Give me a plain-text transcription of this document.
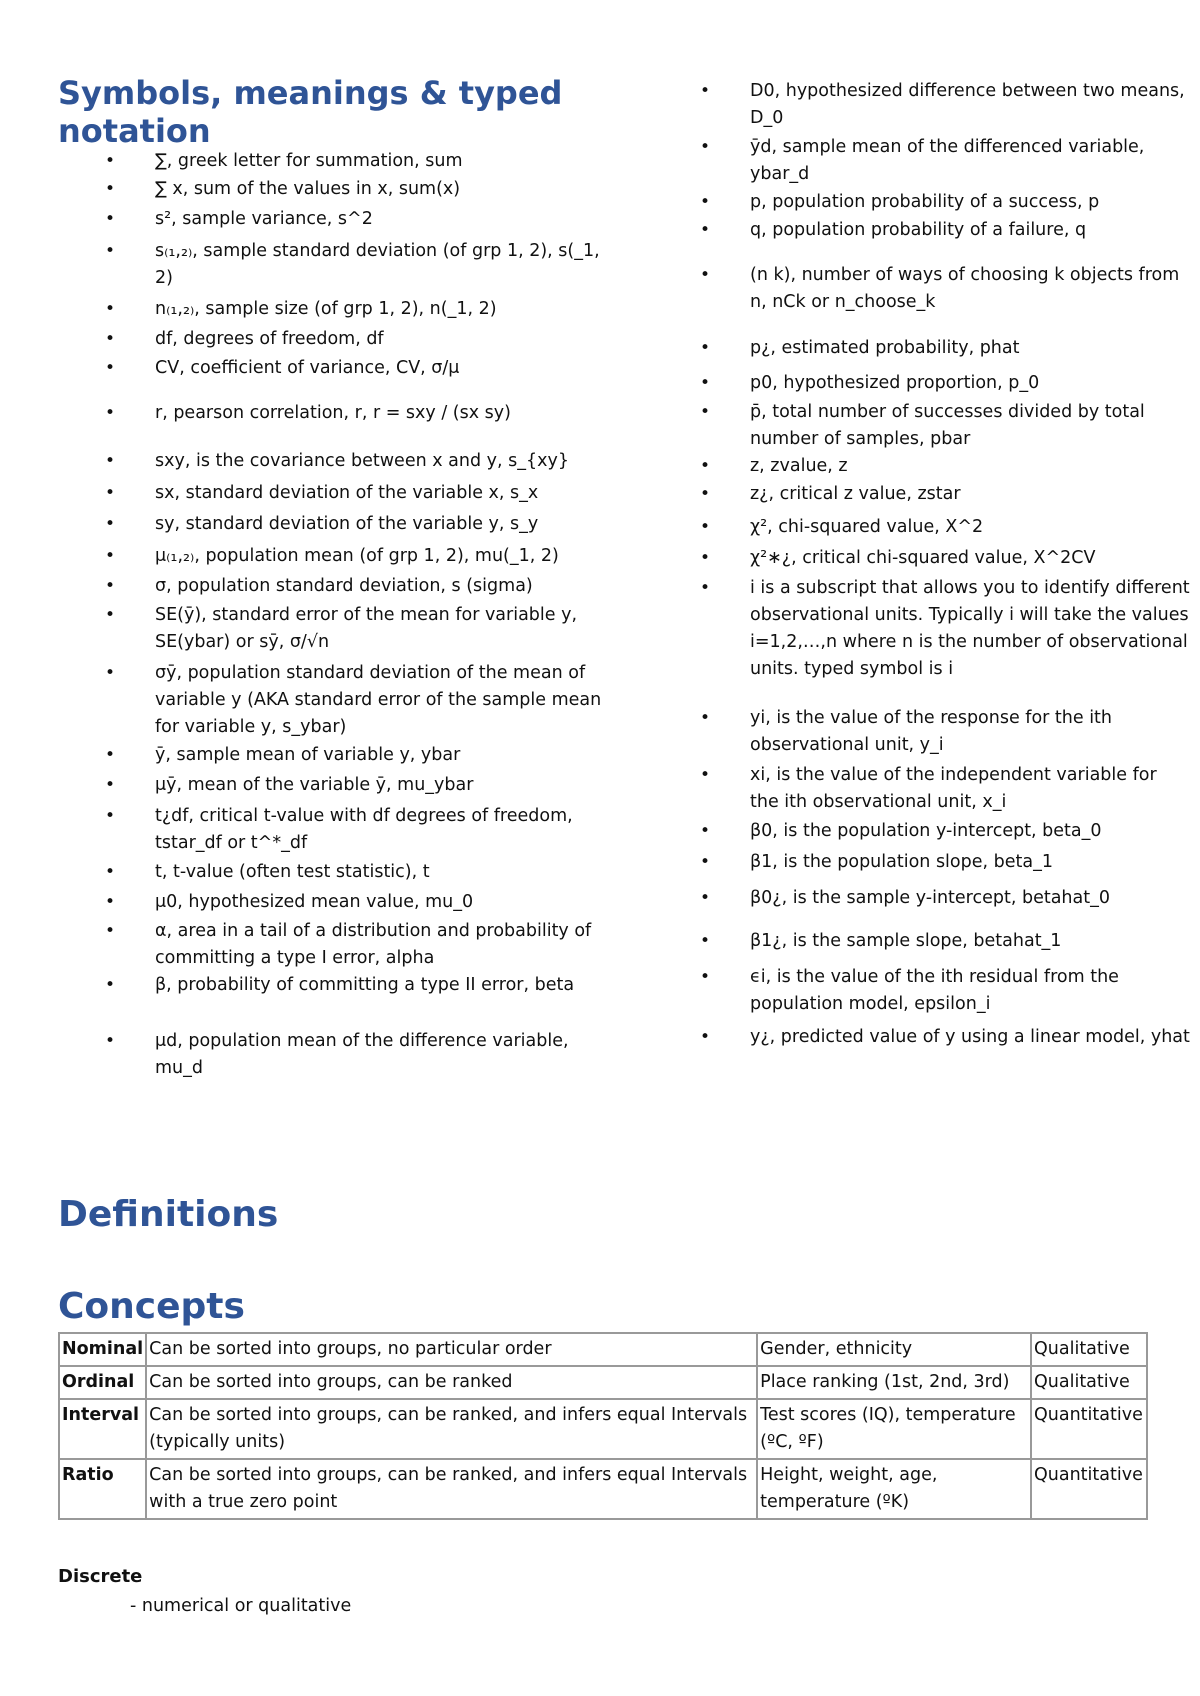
Symbols, meanings & typed notation
• ∑, greek letter for summation, sum
• ∑ x, sum of the values in x, sum(x)
• s², sample variance, s^2
• s₍₁,₂₎, sample standard deviation (of grp 1, 2), s(_1, 2)
• n₍₁,₂₎, sample size (of grp 1, 2), n(_1, 2)
• df, degrees of freedom, df
• CV, coefficient of variance, CV, σ/μ
• r, pearson correlation, r, r = sxy / (sx sy)
• sxy, is the covariance between x and y, s_{xy}
• sx, standard deviation of the variable x, s_x
• sy, standard deviation of the variable y, s_y
• μ₍₁,₂₎, population mean (of grp 1, 2), mu(_1, 2)
• σ, population standard deviation, s (sigma)
• SE(ȳ), standard error of the mean for variable y, SE(ybar) or sȳ, σ/√n
• σȳ, population standard deviation of the mean of variable y (AKA standard error of the sample mean for variable y, s_ybar)
• ȳ, sample mean of variable y, ybar
• μȳ, mean of the variable ȳ, mu_ybar
• t¿df, critical t-value with df degrees of freedom, tstar_df or t^*_df
• t, t-value (often test statistic), t
• μ0, hypothesized mean value, mu_0
• α, area in a tail of a distribution and probability of committing a type I error, alpha
• β, probability of committing a type II error, beta
• μd, population mean of the difference variable, mu_d
• D0, hypothesized difference between two means, D_0
• ȳd, sample mean of the differenced variable, ybar_d
• p, population probability of a success, p
• q, population probability of a failure, q
• (n k), number of ways of choosing k objects from n, nCk or n_choose_k
• p¿, estimated probability, phat
• p0, hypothesized proportion, p_0
• p̄, total number of successes divided by total number of samples, pbar
• z, zvalue, z
• z¿, critical z value, zstar
• χ², chi-squared value, X^2
• χ²∗¿, critical chi-squared value, X^2CV
• i is a subscript that allows you to identify different observational units. Typically i will take the values i=1,2,…,n where n is the number of observational units. typed symbol is i
• yi, is the value of the response for the ith observational unit, y_i
• xi, is the value of the independent variable for the ith observational unit, x_i
• β0, is the population y-intercept, beta_0
• β1, is the population slope, beta_1
• β0¿, is the sample y-intercept, betahat_0
• β1¿, is the sample slope, betahat_1
• ϵi, is the value of the ith residual from the population model, epsilon_i
• y¿, predicted value of y using a linear model, yhat
Definitions
Concepts
Nominal	Can be sorted into groups, no particular order	Gender, ethnicity	Qualitative
Ordinal	Can be sorted into groups, can be ranked	Place ranking (1st, 2nd, 3rd)	Qualitative
Interval	Can be sorted into groups, can be ranked, and infers equal Intervals (typically units)	Test scores (IQ), temperature (ºC, ºF)	Quantitative
Ratio	Can be sorted into groups, can be ranked, and infers equal Intervals with a true zero point	Height, weight, age, temperature (ºK)	Quantitative
Discrete
- numerical or qualitative
